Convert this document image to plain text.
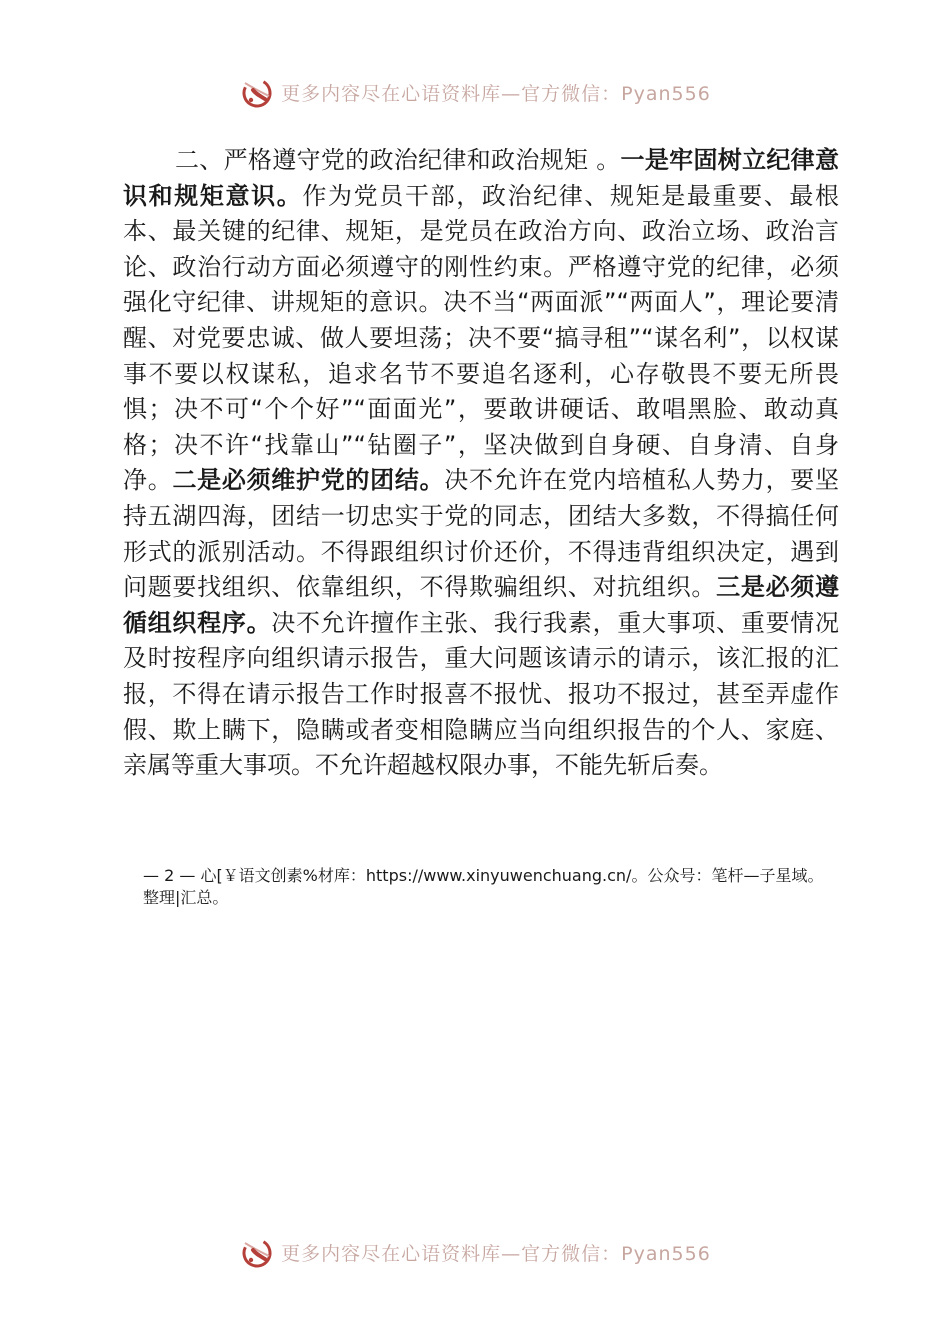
更多内容尽在心语资料库—官方微信：Pyan556
二、严格遵守党的政治纪律和政治规矩 。一是牢固树立纪律意识和规矩意识。作为党员干部，政治纪律、规矩是最重要、最根本、最关键的纪律、规矩，是党员在政治方向、政治立场、政治言论、政治行动方面必须遵守的刚性约束。严格遵守党的纪律，必须强化守纪律、讲规矩的意识。决不当“两面派”“两面人”，理论要清醒、对党要忠诚、做人要坦荡；决不要“搞寻租”“谋名利”，以权谋事不要以权谋私，追求名节不要追名逐利，心存敬畏不要无所畏惧；决不可“个个好”“面面光”，要敢讲硬话、敢唱黑脸、敢动真格；决不许“找靠山”“钻圈子”，坚决做到自身硬、自身清、自身净。二是必须维护党的团结。决不允许在党内培植私人势力，要坚持五湖四海，团结一切忠实于党的同志，团结大多数，不得搞任何形式的派别活动。不得跟组织讨价还价，不得违背组织决定，遇到问题要找组织、依靠组织，不得欺骗组织、对抗组织。三是必须遵循组织程序。决不允许擅作主张、我行我素，重大事项、重要情况及时按程序向组织请示报告，重大问题该请示的请示，该汇报的汇报，不得在请示报告工作时报喜不报忧、报功不报过，甚至弄虚作假、欺上瞒下，隐瞒或者变相隐瞒应当向组织报告的个人、家庭、亲属等重大事项。不允许超越权限办事，不能先斩后奏。
— 2 — 心[￥语文创素%材库：https://www.xinyuwenchuang.cn/。公众号：笔杆—子星域。整理|汇总。
更多内容尽在心语资料库—官方微信：Pyan556
